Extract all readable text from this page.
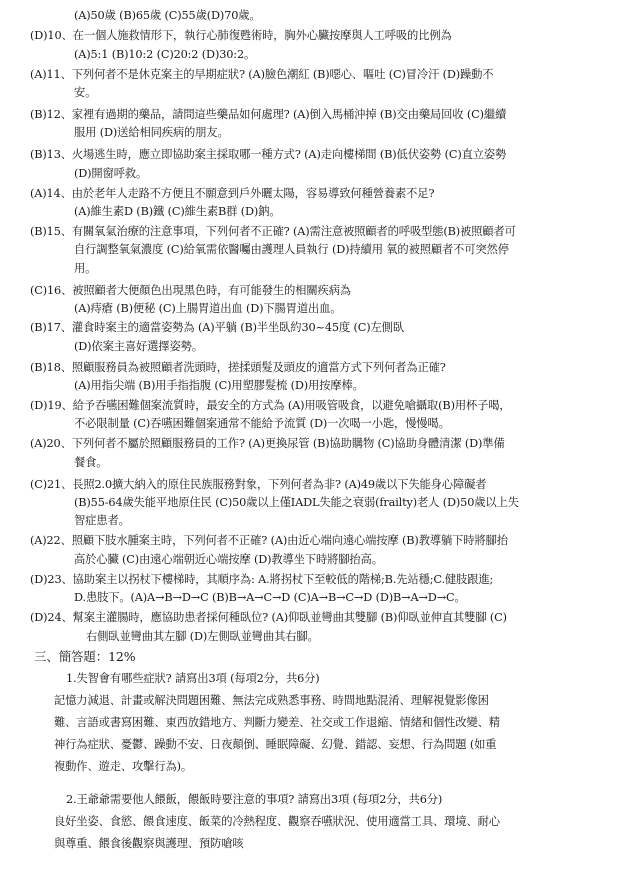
(A)50歲 (B)65歲 (C)55歲(D)70歲。
(D)10、在一個人施救情形下，執行心肺復甦術時，胸外心臟按摩與人工呼吸的比例為
(A)5:1 (B)10:2 (C)20:2 (D)30:2。
(A)11、下列何者不是休克案主的早期症狀? (A)臉色潮紅 (B)噁心、嘔吐 (C)冒冷汗 (D)躁動不
安。
(B)12、家裡有過期的藥品，請問這些藥品如何處理? (A)倒入馬桶沖掉 (B)交由藥局回收 (C)繼續
服用 (D)送給相同疾病的朋友。
(B)13、火場逃生時，應立即協助案主採取哪一種方式? (A)走向樓梯間 (B)低伏姿勢 (C)直立姿勢
(D)開窗呼救。
(A)14、由於老年人走路不方便且不願意到戶外曬太陽，容易導致何種營養素不足?
(A)維生素D (B)鐵 (C)維生素B群 (D)鈉。
(B)15、有關氧氣治療的注意事項，下列何者不正確? (A)需注意被照顧者的呼吸型態(B)被照顧者可
自行調整氧氣濃度 (C)給氧需依醫囑由護理人員執行 (D)持續用 氧的被照顧者不可突然停
用。
(C)16、被照顧者大便顏色出現黑色時，有可能發生的相關疾病為
(A)痔瘡 (B)便秘 (C)上腸胃道出血 (D)下腸胃道出血。
(B)17、灌食時案主的適當姿勢為 (A)平躺 (B)半坐臥約30~45度 (C)左側臥
(D)依案主喜好選擇姿勢。
(B)18、照顧服務員為被照顧者洗頭時，搓揉頭髮及頭皮的適當方式下列何者為正確?
(A)用指尖端 (B)用手指指腹 (C)用塑膠髮梳 (D)用按摩棒。
(D)19、給予吞嚥困難個案流質時，最安全的方式為 (A)用吸管吸食，以避免嗆攝取(B)用杯子喝，
不必限制量 (C)吞嚥困難個案通常不能給予流質 (D)一次喝一小匙，慢慢喝。
(A)20、下列何者不屬於照顧服務員的工作? (A)更換尿管 (B)協助購物 (C)協助身體清潔 (D)準備
餐食。
(C)21、長照2.0擴大納入的原住民族服務對象，下列何者為非? (A)49歲以下失能身心障礙者
(B)55-64歲失能平地原住民 (C)50歲以上僅IADL失能之衰弱(frailty)老人 (D)50歲以上失
智症患者。
(A)22、照顧下肢水腫案主時，下列何者不正確? (A)由近心端向遠心端按摩 (B)教導躺下時將腳抬
高於心臟 (C)由遠心端朝近心端按摩 (D)教導坐下時將腳抬高。
(D)23、協助案主以拐杖下樓梯時，其順序為: A.將拐杖下至較低的階梯;B.先站穩;C.健肢跟進;
D.患肢下。(A)A→B→D→C (B)B→A→C→D (C)A→B→C→D (D)B→A→D→C。
(D)24、幫案主灌腸時，應協助患者採何種臥位? (A)仰臥並彎曲其雙腳 (B)仰臥並伸直其雙腳 (C)
右側臥並彎曲其左腳 (D)左側臥並彎曲其右腳。
三、簡答題：12%
1.失智會有哪些症狀? 請寫出3項 (每項2分，共6分)
記憶力減退、計畫或解決問題困難、無法完成熟悉事務、時間地點混淆、理解視覺影像困
難、言語或書寫困難、東西放錯地方、判斷力變差、社交或工作退縮、情緒和個性改變、精
神行為症狀、憂鬱、躁動不安、日夜顛倒、睡眠障礙、幻覺、錯認、妄想、行為問題 (如重
複動作、遊走、攻擊行為)。
2.王爺爺需要他人餵飯，餵飯時要注意的事項? 請寫出3項 (每項2分，共6分)
良好坐姿、食慾、餵食速度、飯菜的冷熱程度、觀察吞嚥狀況、使用適當工具、環境、耐心
與尊重、餵食後觀察與護理、預防嗆咳
